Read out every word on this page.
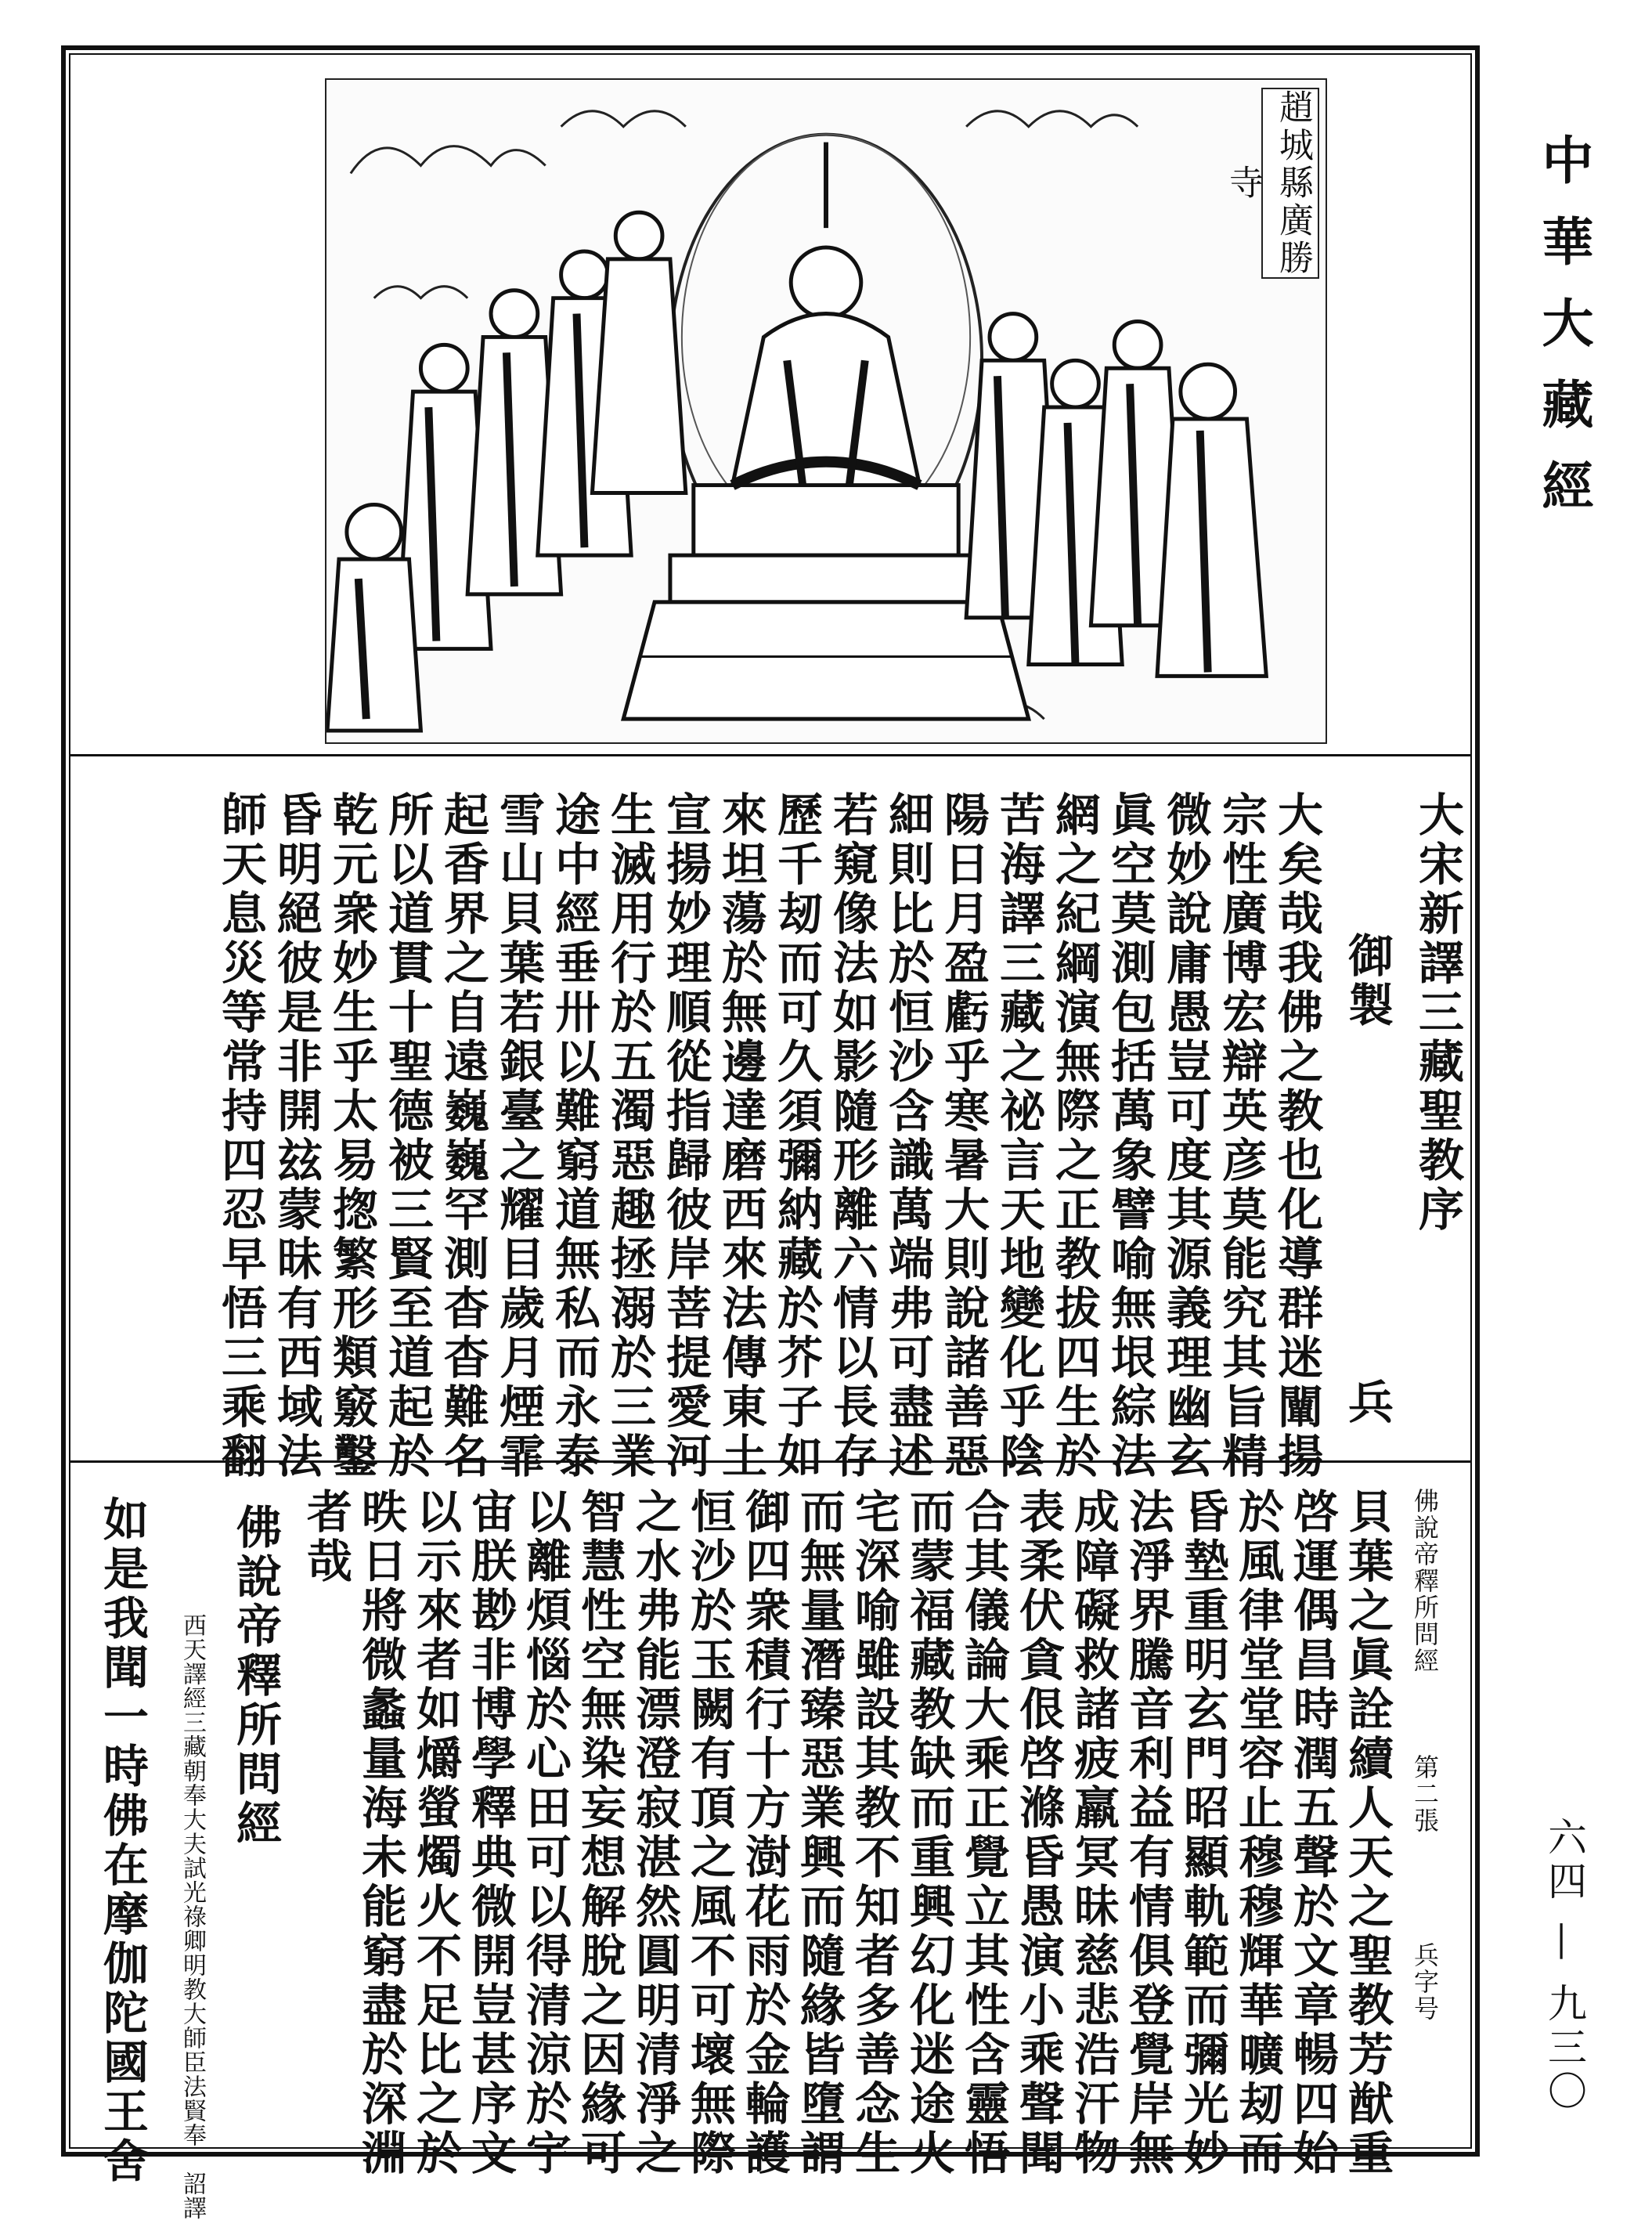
中華大藏經
六四 — 九三〇
趙城縣廣勝寺
大宋新譯三藏聖教序
御製
兵
大矣哉我佛之教也化導群迷闡揚
宗性廣博宏辯英彦莫能究其旨精
微妙說庸愚豈可度其源義理幽玄
眞空莫測包括萬象譬喻無垠綜法
網之紀綱演無際之正教拔四生於
苦海譯三藏之祕言天地變化乎陰
陽日月盈虧乎寒暑大則說諸善惡
細則比於恒沙含識萬端弗可盡述
若窺像法如影隨形離六情以長存
歷千刼而可久須彌納藏於芥子如
來坦蕩於無邊達磨西來法傳東土
宣揚妙理順從指歸彼岸菩提愛河
生滅用行於五濁惡趣拯溺於三業
途中經垂卅以難窮道無私而永泰
雪山貝葉若銀臺之耀目歲月煙霏
起香界之自遠巍巍罕測杳杳難名
所以道貫十聖德被三賢至道起於
乾元衆妙生乎太易揔繁形類竅鑿
昏明絕彼是非開玆蒙昧有西域法
師天息災等常持四忍早悟三乘翻
佛說帝釋所問經
第二張
兵字号
貝葉之眞詮續人天之聖教芳猷重
啓運偶昌時潤五聲於文章暢四始
於風律堂堂容止穆穆輝華曠刼而
昏墊重明玄門昭顯軌範而彌光妙
法淨界騰音利益有情俱登覺岸無
成障礙救諸疲羸冥昧慈悲浩汗物
表柔伏貪佷啓滌昏愚演小乘聲聞
合其儀論大乘正覺立其性含靈悟
而蒙福藏教缺而重興幻化迷途火
宅深喻雖設其教不知者多善念生
而無量潛臻惡業興而隨緣皆墮謂
御四衆積行十方澍花雨於金輪護
恒沙於玉闕有頂之風不可壞無際
之水弗能漂澄寂湛然圓明清淨之
智慧性空無染妄想解脫之因緣可
以離煩惱於心田可以得清涼於宇
宙朕尠非博學釋典微開豈甚序文
以示來者如爝螢燭火不足比之於
昳日將微蠡量海未能窮盡於深淵
者哉
佛說帝釋所問經
西天譯經三藏朝奉大夫試光祿卿明教大師臣法賢奉　詔譯
如是我聞一時佛在摩伽陀國王舍
